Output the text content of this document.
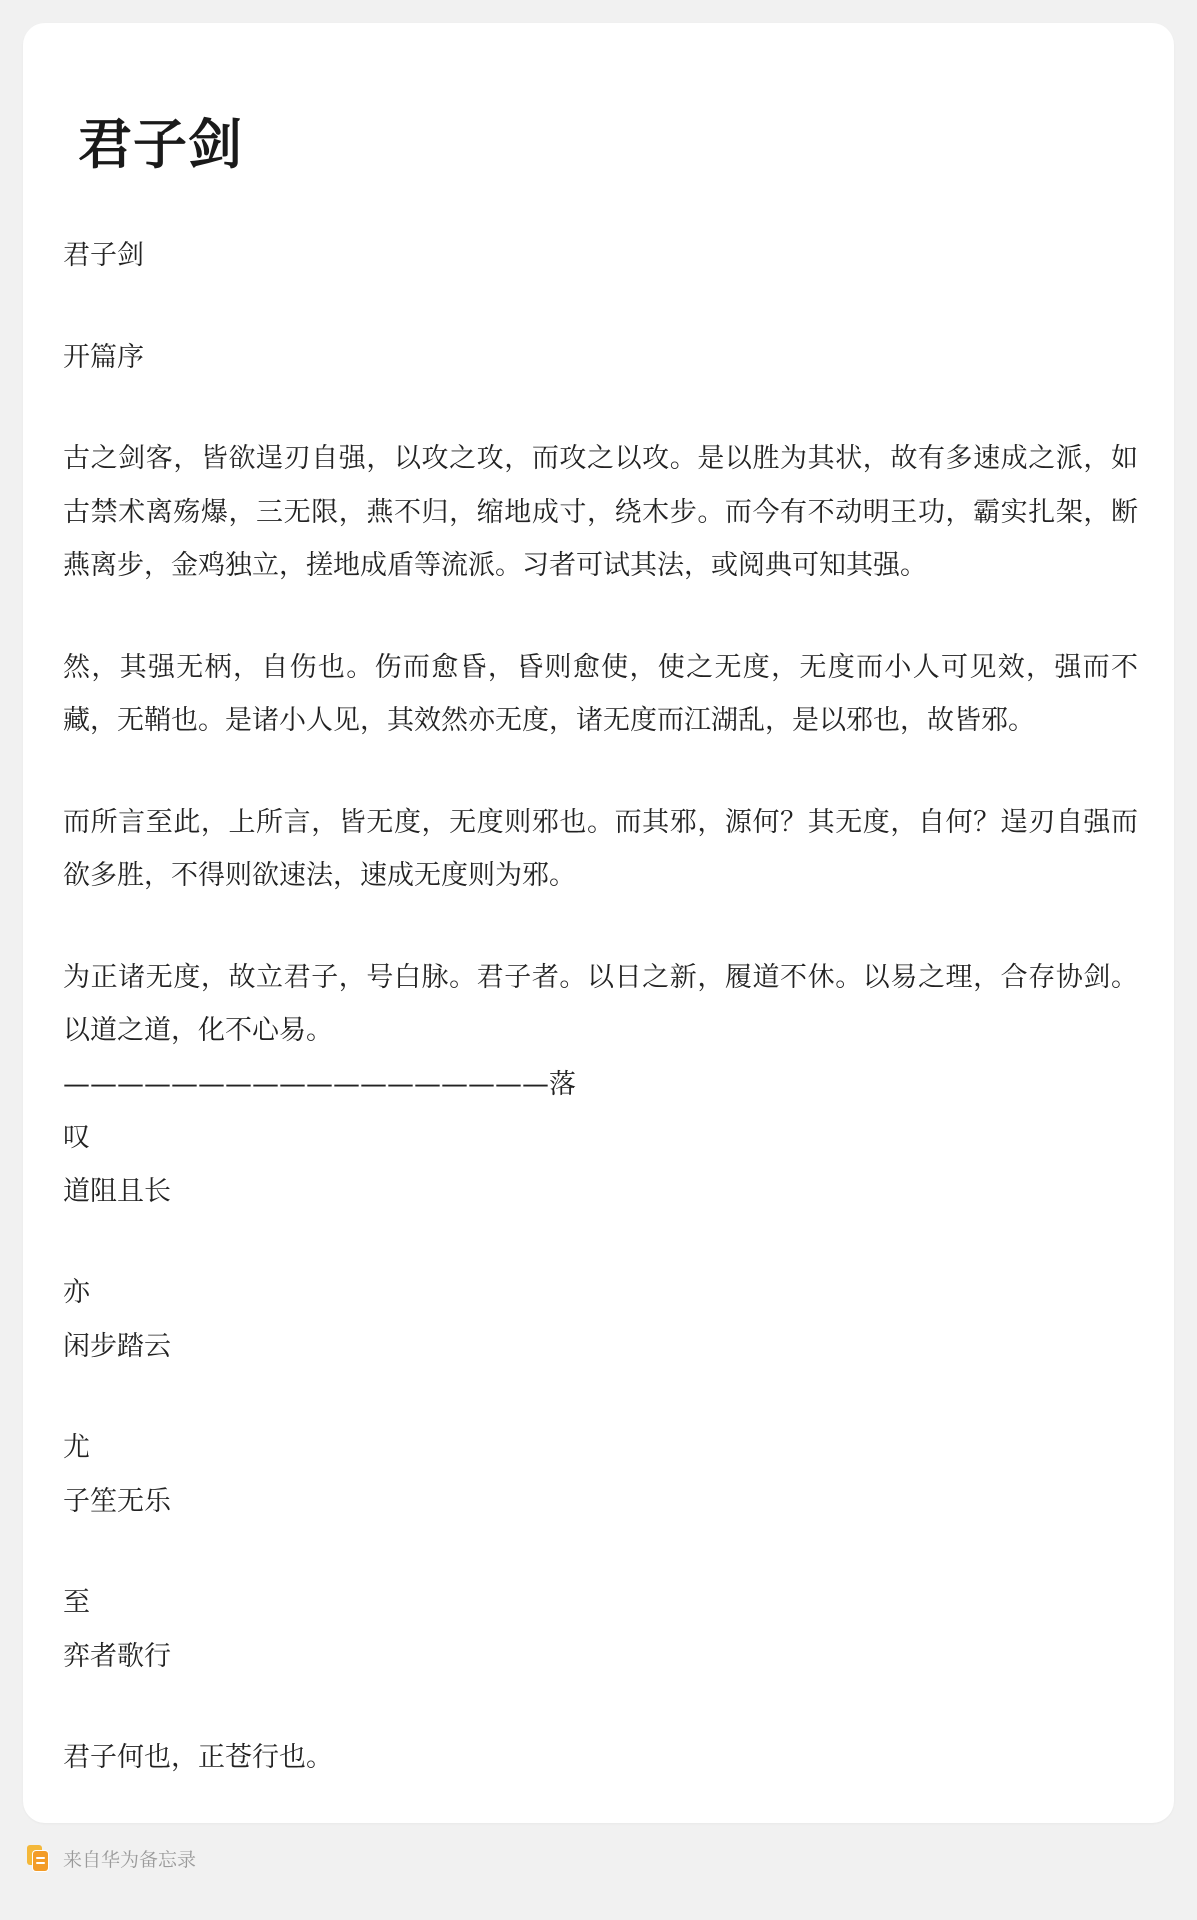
君子剑
君子剑
开篇序
古之剑客，皆欲逞刃自强，以攻之攻，而攻之以攻。是以胜为其状，故有多速成之派，如古禁术离殇爆，三无限，燕不归，缩地成寸，绕木步。而今有不动明王功，霸实扎架，断燕离步，金鸡独立，搓地成盾等流派。习者可试其法，或阅典可知其强。
然，其强无柄，自伤也。伤而愈昏，昏则愈使，使之无度，无度而小人可见效，强而不藏，无鞘也。是诸小人见，其效然亦无度，诸无度而江湖乱，是以邪也，故皆邪。
而所言至此，上所言，皆无度，无度则邪也。而其邪，源何？其无度，自何？逞刃自强而欲多胜，不得则欲速法，速成无度则为邪。
为正诸无度，故立君子，号白脉。君子者。以日之新，履道不休。以易之理，合存协剑。以道之道，化不心易。
——————————————————落
叹
道阻且长
亦
闲步踏云
尤
子笙无乐
至
弈者歌行
君子何也，正苍行也。
来自华为备忘录
